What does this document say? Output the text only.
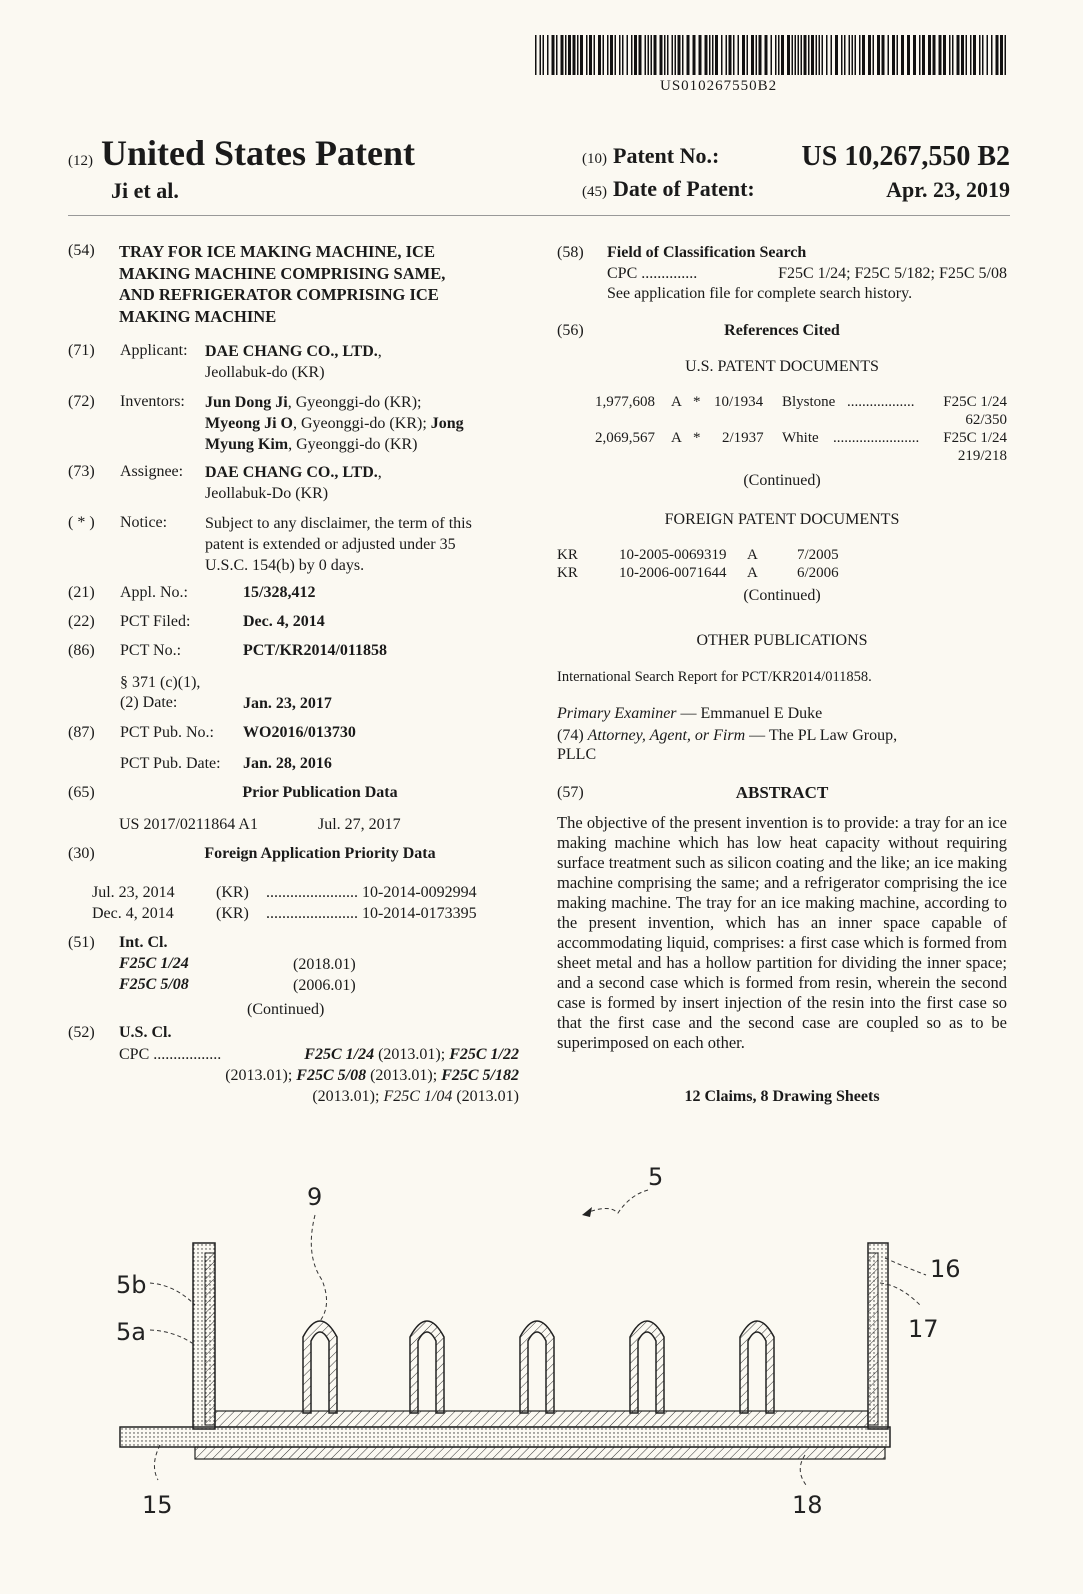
US010267550B2
(12) United States Patent
Ji et al.
(10) Patent No.:	US 10,267,550 B2
(45) Date of Patent:	Apr. 23, 2019
(54) TRAY FOR ICE MAKING MACHINE, ICE
MAKING MACHINE COMPRISING SAME,
AND REFRIGERATOR COMPRISING ICE
MAKING MACHINE
(71) Applicant: DAE CHANG CO., LTD.,
Jeollabuk-do (KR)
(72) Inventors: Jun Dong Ji, Gyeonggi-do (KR);
Myeong Ji O, Gyeonggi-do (KR); Jong
Myung Kim, Gyeonggi-do (KR)
(73) Assignee: DAE CHANG CO., LTD.,
Jeollabuk-Do (KR)
( * ) Notice: Subject to any disclaimer, the term of this
patent is extended or adjusted under 35
U.S.C. 154(b) by 0 days.
(21) Appl. No.:	15/328,412
(22) PCT Filed:	Dec. 4, 2014
(86) PCT No.:	PCT/KR2014/011858
§ 371 (c)(1),
(2) Date:	Jan. 23, 2017
(87) PCT Pub. No.: WO2016/013730
PCT Pub. Date: Jan. 28, 2016
(65)	Prior Publication Data
US 2017/0211864 A1	Jul. 27, 2017
(30)	Foreign Application Priority Data
Jul. 23, 2014	(KR) ....................... 10-2014-0092994
Dec. 4, 2014	(KR) ....................... 10-2014-0173395
(51) Int. Cl.
F25C 1/24	(2018.01)
F25C 5/08	(2006.01)
(Continued)
(52) U.S. Cl.
CPC .................	F25C 1/24 (2013.01); F25C 1/22
(2013.01); F25C 5/08 (2013.01); F25C 5/182
(2013.01); F25C 1/04 (2013.01)
(58) Field of Classification Search
CPC ..............	F25C 1/24; F25C 5/182; F25C 5/08
See application file for complete search history.
(56)	References Cited
U.S. PATENT DOCUMENTS
1,977,608 A * 10/1934 Blystone .................. F25C 1/24
62/350
2,069,567 A * 2/1937 White ....................... F25C 1/24
219/218
(Continued)
FOREIGN PATENT DOCUMENTS
KR	10-2005-0069319 A	7/2005
KR	10-2006-0071644 A	6/2006
(Continued)
OTHER PUBLICATIONS
International Search Report for PCT/KR2014/011858.
Primary Examiner — Emmanuel E Duke
(74) Attorney, Agent, or Firm — The PL Law Group,
PLLC
(57)	ABSTRACT
The objective of the present invention is to provide: a tray for an ice making machine which has low heat capacity without requiring surface treatment such as silicon coating and the like; an ice making machine comprising the same; and a refrigerator comprising the ice making machine. The tray for an ice making machine, according to the present invention, which has an inner space capable of accommodating liquid, comprises: a first case which is formed from sheet metal and has a hollow partition for dividing the inner space; and a second case which is formed from resin, wherein the second case is formed by insert injection of the resin into the first case so that the first case and the second case are coupled so as to be superimposed on each other.
12 Claims, 8 Drawing Sheets
9
5
5b
5a
16
17
15	18
